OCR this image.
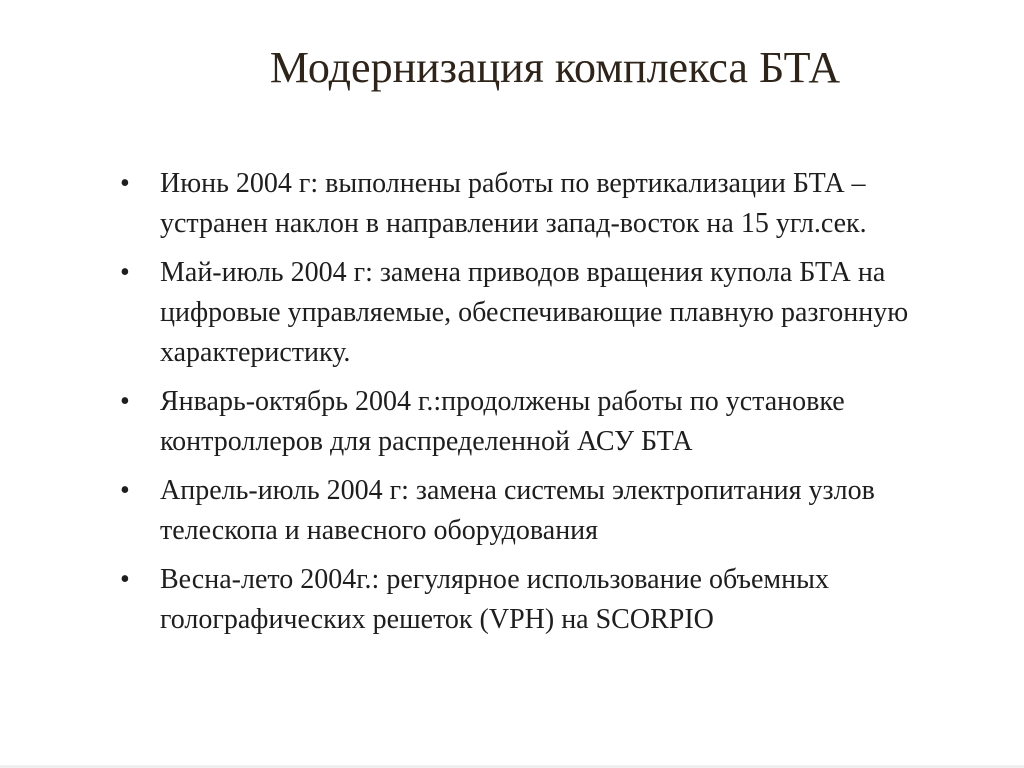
Модернизация комплекса БТА
•	Июнь 2004 г: выполнены работы по вертикализации БТА – устранен наклон в направлении запад-восток на 15 угл.сек.
•	Май-июль 2004 г: замена приводов вращения купола БТА на цифровые управляемые, обеспечивающие плавную разгонную характеристику.
•	Январь-октябрь 2004 г.:продолжены работы по установке контроллеров для распределенной АСУ БТА
•	Апрель-июль 2004 г: замена системы электропитания узлов телескопа и навесного оборудования
•	Весна-лето 2004г.: регулярное использование объемных голографических решеток (VPH) на SCORPIO
